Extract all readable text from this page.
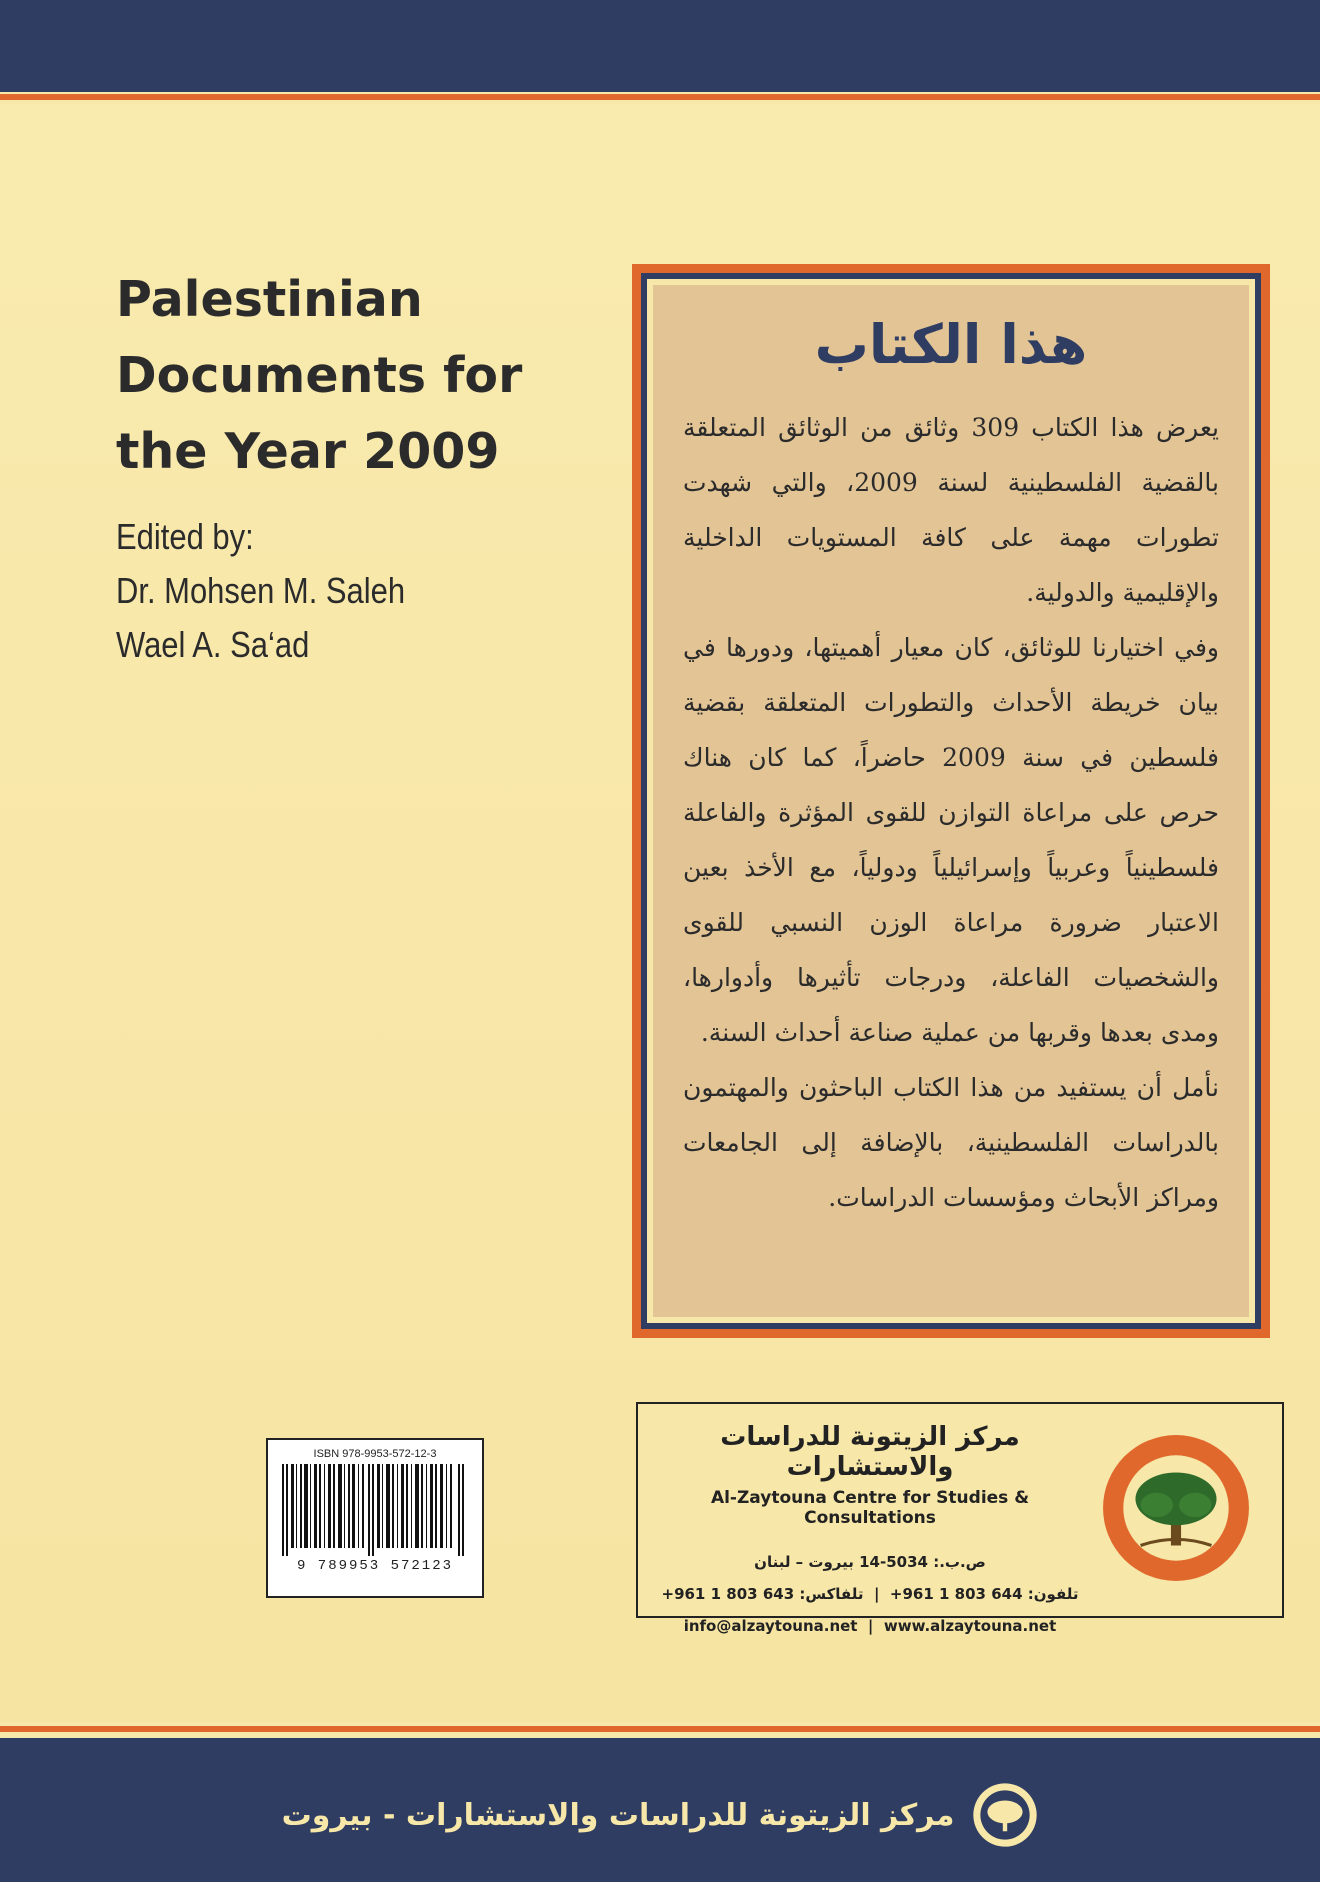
Palestinian
Documents for
the Year 2009
Edited by:
Dr. Mohsen M. Saleh
Wael A. Sa‘ad
هذا الكتاب

يعرض هذا الكتاب 309 وثائق من الوثائق المتعلقة بالقضية الفلسطينية لسنة 2009، والتي شهدت تطورات مهمة على كافة المستويات الداخلية والإقليمية والدولية.

وفي اختيارنا للوثائق، كان معيار أهميتها، ودورها في بيان خريطة الأحداث والتطورات المتعلقة بقضية فلسطين في سنة 2009 حاضراً، كما كان هناك حرص على مراعاة التوازن للقوى المؤثرة والفاعلة فلسطينياً وعربياً وإسرائيلياً ودولياً، مع الأخذ بعين الاعتبار ضرورة مراعاة الوزن النسبي للقوى والشخصيات الفاعلة، ودرجات تأثيرها وأدوارها، ومدى بعدها وقربها من عملية صناعة أحداث السنة.

نأمل أن يستفيد من هذا الكتاب الباحثون والمهتمون بالدراسات الفلسطينية، بالإضافة إلى الجامعات ومراكز الأبحاث ومؤسسات الدراسات.

ISBN 978-9953-572-12-3
9 789953 572123
مركز الزيتونة للدراسات والاستشارات
Al-Zaytouna Centre for Studies & Consultations
ص.ب.: 5034-14 بيروت – لبنان
تلفاكس: 643 803 1 961+ | تلفون: 644 803 1 961+
info@alzaytouna.net | www.alzaytouna.net
مركز الزيتونة للدراسات والاستشارات - بيروت
